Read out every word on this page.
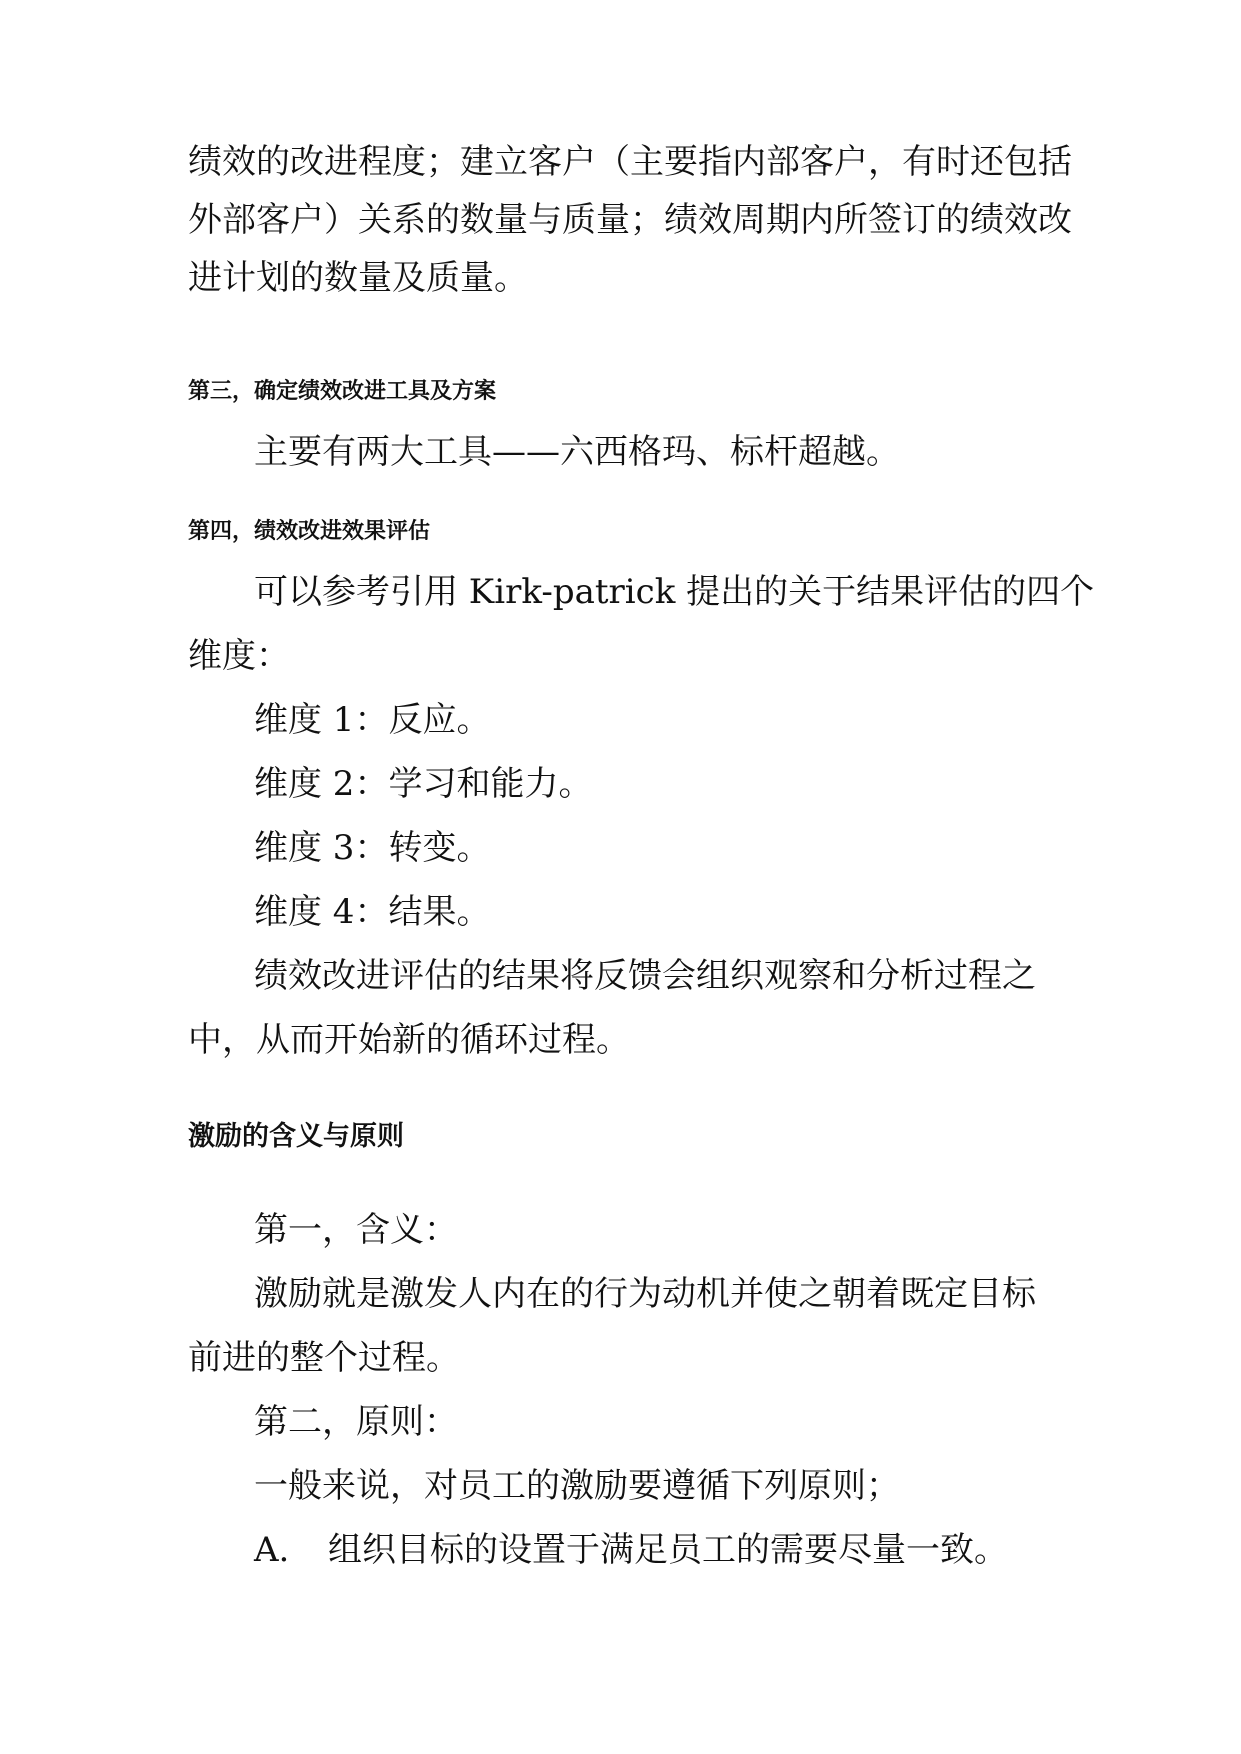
绩效的改进程度；建立客户（主要指内部客户，有时还包括
外部客户）关系的数量与质量；绩效周期内所签订的绩效改
进计划的数量及质量。
第三，确定绩效改进工具及方案
主要有两大工具——六西格玛、标杆超越。
第四，绩效改进效果评估
可以参考引用 Kirk-patrick 提出的关于结果评估的四个
维度：
维度 1：反应。
维度 2：学习和能力。
维度 3：转变。
维度 4：结果。
绩效改进评估的结果将反馈会组织观察和分析过程之
中，从而开始新的循环过程。
激励的含义与原则
第一，含义：
激励就是激发人内在的行为动机并使之朝着既定目标
前进的整个过程。
第二，原则：
一般来说，对员工的激励要遵循下列原则；
A. 组织目标的设置于满足员工的需要尽量一致。
